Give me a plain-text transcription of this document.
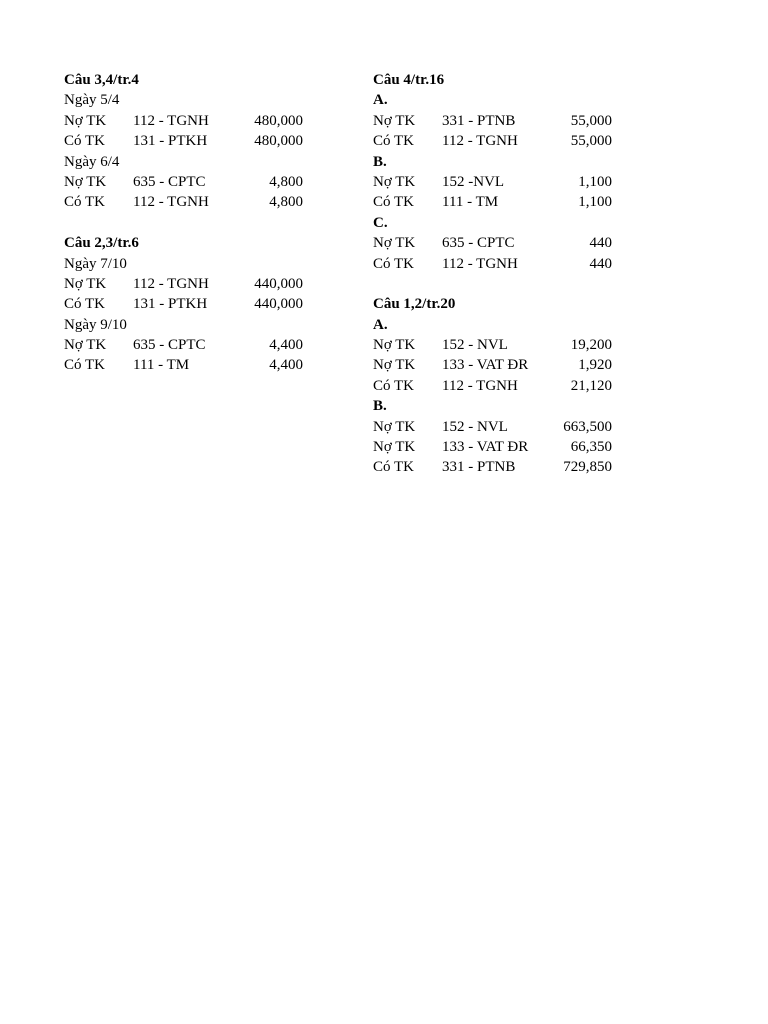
Câu 3,4/tr.4
Ngày 5/4
Nợ TK 112 - TGNH	480,000
Có TK 131 - PTKH	480,000
Ngày 6/4
Nợ TK 635 - CPTC	4,800
Có TK 112 - TGNH	4,800
Câu 2,3/tr.6
Ngày 7/10
Nợ TK 112 - TGNH	440,000
Có TK 131 - PTKH	440,000
Ngày 9/10
Nợ TK 635 - CPTC	4,400
Có TK 111 - TM	4,400
Câu 4/tr.16
A.
Nợ TK 331 - PTNB	55,000
Có TK 112 - TGNH	55,000
B.
Nợ TK 152 -NVL	1,100
Có TK 111 - TM	1,100
C.
Nợ TK 635 - CPTC	440
Có TK 112 - TGNH	440
Câu 1,2/tr.20
A.
Nợ TK 152 - NVL	19,200
Nợ TK 133 - VAT ĐR	1,920
Có TK 112 - TGNH	21,120
B.
Nợ TK 152 - NVL	663,500
Nợ TK 133 - VAT ĐR	66,350
Có TK 331 - PTNB	729,850
